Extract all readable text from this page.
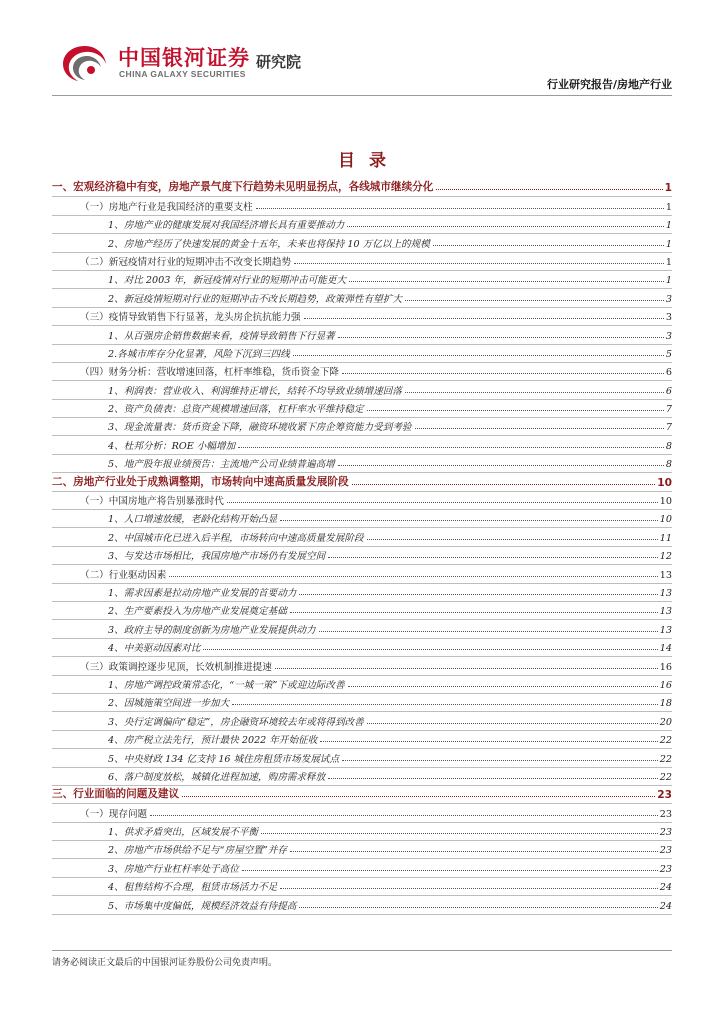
中国银河证券
CHINA GALAXY SECURITIES
研究院
行业研究报告/房地产行业
目录
一、宏观经济稳中有变，房地产景气度下行趋势未见明显拐点，各线城市继续分化	1
（一）房地产行业是我国经济的重要支柱	1
1、房地产业的健康发展对我国经济增长具有重要推动力	1
2、房地产经历了快速发展的黄金十五年，未来也将保持 10 万亿以上的规模	1
（二）新冠疫情对行业的短期冲击不改变长期趋势	1
1、对比 2003 年，新冠疫情对行业的短期冲击可能更大	1
2、新冠疫情短期对行业的短期冲击不改长期趋势，政策弹性有望扩大	3
（三）疫情导致销售下行显著，龙头房企抗抗能力强	3
1、从百强房企销售数据来看，疫情导致销售下行显著	3
2.各城市库存分化显著，风险下沉到三四线	5
（四）财务分析：营收增速回落，杠杆率维稳，货币资金下降	6
1、利润表：营业收入、利润维持正增长，结转不均导致业绩增速回落	6
2、资产负债表：总资产规模增速回落，杠杆率水平维持稳定	7
3、现金流量表：货币资金下降，融资环境收紧下房企筹资能力受到考验	7
4、杜邦分析：ROE 小幅增加	8
5、地产股年报业绩预告：主流地产公司业绩普遍高增	8
二、房地产行业处于成熟调整期，市场转向中速高质量发展阶段	10
（一）中国房地产将告别暴涨时代	10
1、人口增速放缓，老龄化结构开始凸显	10
2、中国城市化已进入后半程，市场转向中速高质量发展阶段	11
3、与发达市场相比，我国房地产市场仍有发展空间	12
（二）行业驱动因素	13
1、需求因素是拉动房地产业发展的首要动力	13
2、生产要素投入为房地产业发展奠定基础	13
3、政府主导的制度创新为房地产业发展提供动力	13
4、中美驱动因素对比	14
（三）政策调控逐步见顶，长效机制推进提速	16
1、房地产调控政策常态化，“一城一策”下或迎边际改善	16
2、因城施策空间进一步加大	18
3、央行定调偏向“稳定”，房企融资环境较去年或将得到改善	20
4、房产税立法先行，预计最快 2022 年开始征收	22
5、中央财政 134 亿支持 16 城住房租赁市场发展试点	22
6、落户制度放松，城镇化进程加速，购房需求释放	22
三、行业面临的问题及建议	23
（一）现存问题	23
1、供求矛盾突出，区域发展不平衡	23
2、房地产市场供给不足与“房屋空置”并存	23
3、房地产行业杠杆率处于高位	23
4、租售结构不合理，租赁市场活力不足	24
5、市场集中度偏低，规模经济效益有待提高	24
请务必阅读正文最后的中国银河证券股份公司免责声明。
